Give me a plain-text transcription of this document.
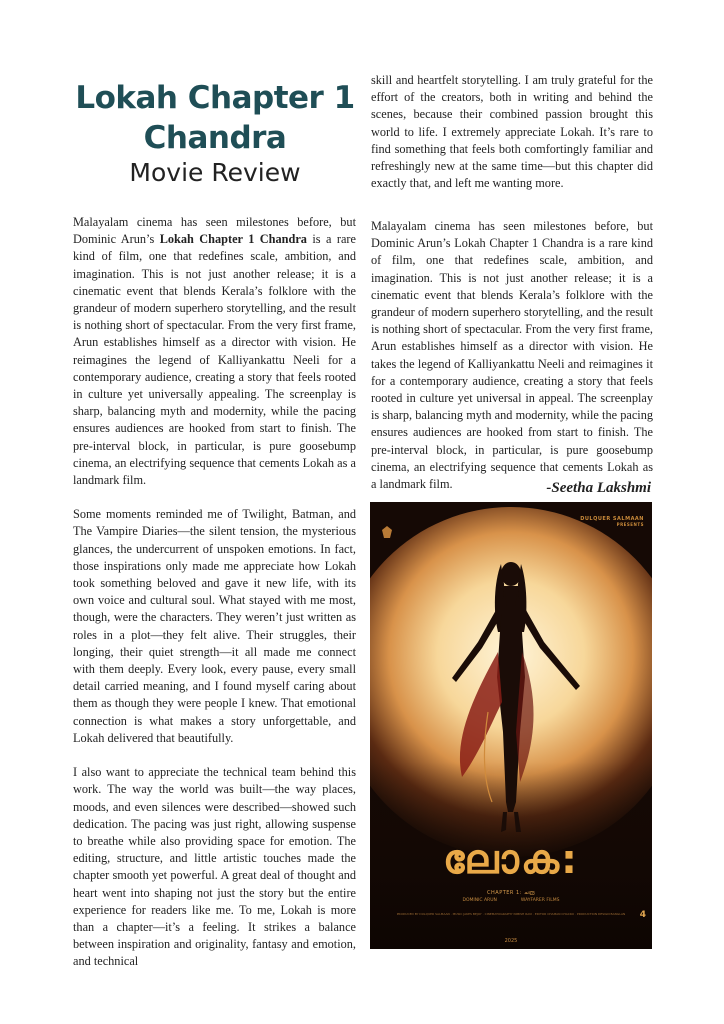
Lokah Chapter 1 Chandra
Movie Review

Malayalam cinema has seen milestones before, but Dominic Arun’s Lokah Chapter 1 Chandra is a rare kind of film, one that redefines scale, ambition, and imagination. This is not just another release; it is a cinematic event that blends Kerala’s folklore with the grandeur of modern superhero storytelling, and the result is nothing short of spectacular. From the very first frame, Arun establishes himself as a director with vision. He reimagines the legend of Kalliyankattu Neeli for a contemporary audience, creating a story that feels rooted in culture yet universally appealing. The screenplay is sharp, balancing myth and modernity, while the pacing ensures audiences are hooked from start to finish. The pre-interval block, in particular, is pure goosebump cinema, an electrifying sequence that cements Lokah as a landmark film.

Some moments reminded me of Twilight, Batman, and The Vampire Diaries—the silent tension, the mysterious glances, the undercurrent of unspoken emotions. In fact, those inspirations only made me appreciate how Lokah took something beloved and gave it new life, with its own voice and cultural soul. What stayed with me most, though, were the characters. They weren’t just written as roles in a plot—they felt alive. Their struggles, their longing, their quiet strength—it all made me connect with them deeply. Every look, every pause, every small detail carried meaning, and I found myself caring about them as though they were people I knew. That emotional connection is what makes a story unforgettable, and Lokah delivered that beautifully.

I also want to appreciate the technical team behind this work. The way the world was built—the way places, moods, and even silences were described—showed such dedication. The pacing was just right, allowing suspense to breathe while also providing space for emotion. The editing, structure, and little artistic touches made the chapter smooth yet powerful. A great deal of thought and heart went into shaping not just the story but the entire experience for readers like me. To me, Lokah is more than a chapter—it’s a feeling. It strikes a balance between inspiration and originality, fantasy and emotion, and technical

skill and heartfelt storytelling. I am truly grateful for the effort of the creators, both in writing and behind the scenes, because their combined passion brought this world to life. I extremely appreciate Lokah. It’s rare to find something that feels both comfortingly familiar and refreshingly new at the same time—but this chapter did exactly that, and left me wanting more.

Malayalam cinema has seen milestones before, but Dominic Arun’s Lokah Chapter 1 Chandra is a rare kind of film, one that redefines scale, ambition, and imagination. This is not just another release; it is a cinematic event that blends Kerala’s folklore with the grandeur of modern superhero storytelling, and the result is nothing short of spectacular. From the very first frame, Arun establishes himself as a director with vision. He takes the legend of Kalliyankattu Neeli and reimagines it for a contemporary audience, creating a story that feels rooted in culture yet universal in appeal. The screenplay is sharp, balancing myth and modernity, while the pacing ensures audiences are hooked from start to finish. The pre-interval block, in particular, is pure goosebump cinema, an electrifying sequence that cements Lokah as a landmark film.	-Seetha Lakshmi
DULQUER SALMAAN
PRESENTS
ലോക:
CHAPTER 1: ചന്ദ്ര
DOMINIC ARUN	WAYFARER FILMS
PRODUCED BY DULQUER SALMAAN · MUSIC JAKES BEJOY · CINEMATOGRAPHY NIMISH RAVI · EDITOR CHAMAN CHACKO · PRODUCTION DESIGN BANGLAN
2025
4
